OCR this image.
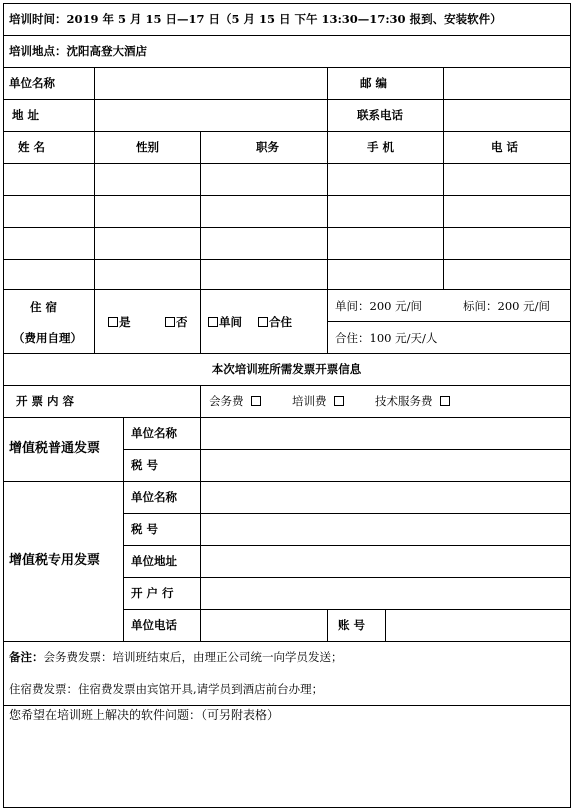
培训时间：2019 年 5 月 15 日—17 日（5 月 15 日 下午 13:30—17:30 报到、安装软件）
培训地点：沈阳高登大酒店
单位名称	邮 编
地 址	联系电话
姓 名	性别	职务	手 机	电 话
住 宿
（费用自理）
是	否	单间	合住
单间：200 元/间	标间：200 元/间
合住：100 元/天/人
本次培训班所需发票开票信息
开 票 内 容	会务费	培训费	技术服务费
增值税普通发票
单位名称
税 号
增值税专用发票
单位名称
税 号
单位地址
开 户 行
单位电话	账 号
备注：会务费发票：培训班结束后，由理正公司统一向学员发送；
住宿费发票：住宿费发票由宾馆开具,请学员到酒店前台办理；
您希望在培训班上解决的软件问题：（可另附表格）
